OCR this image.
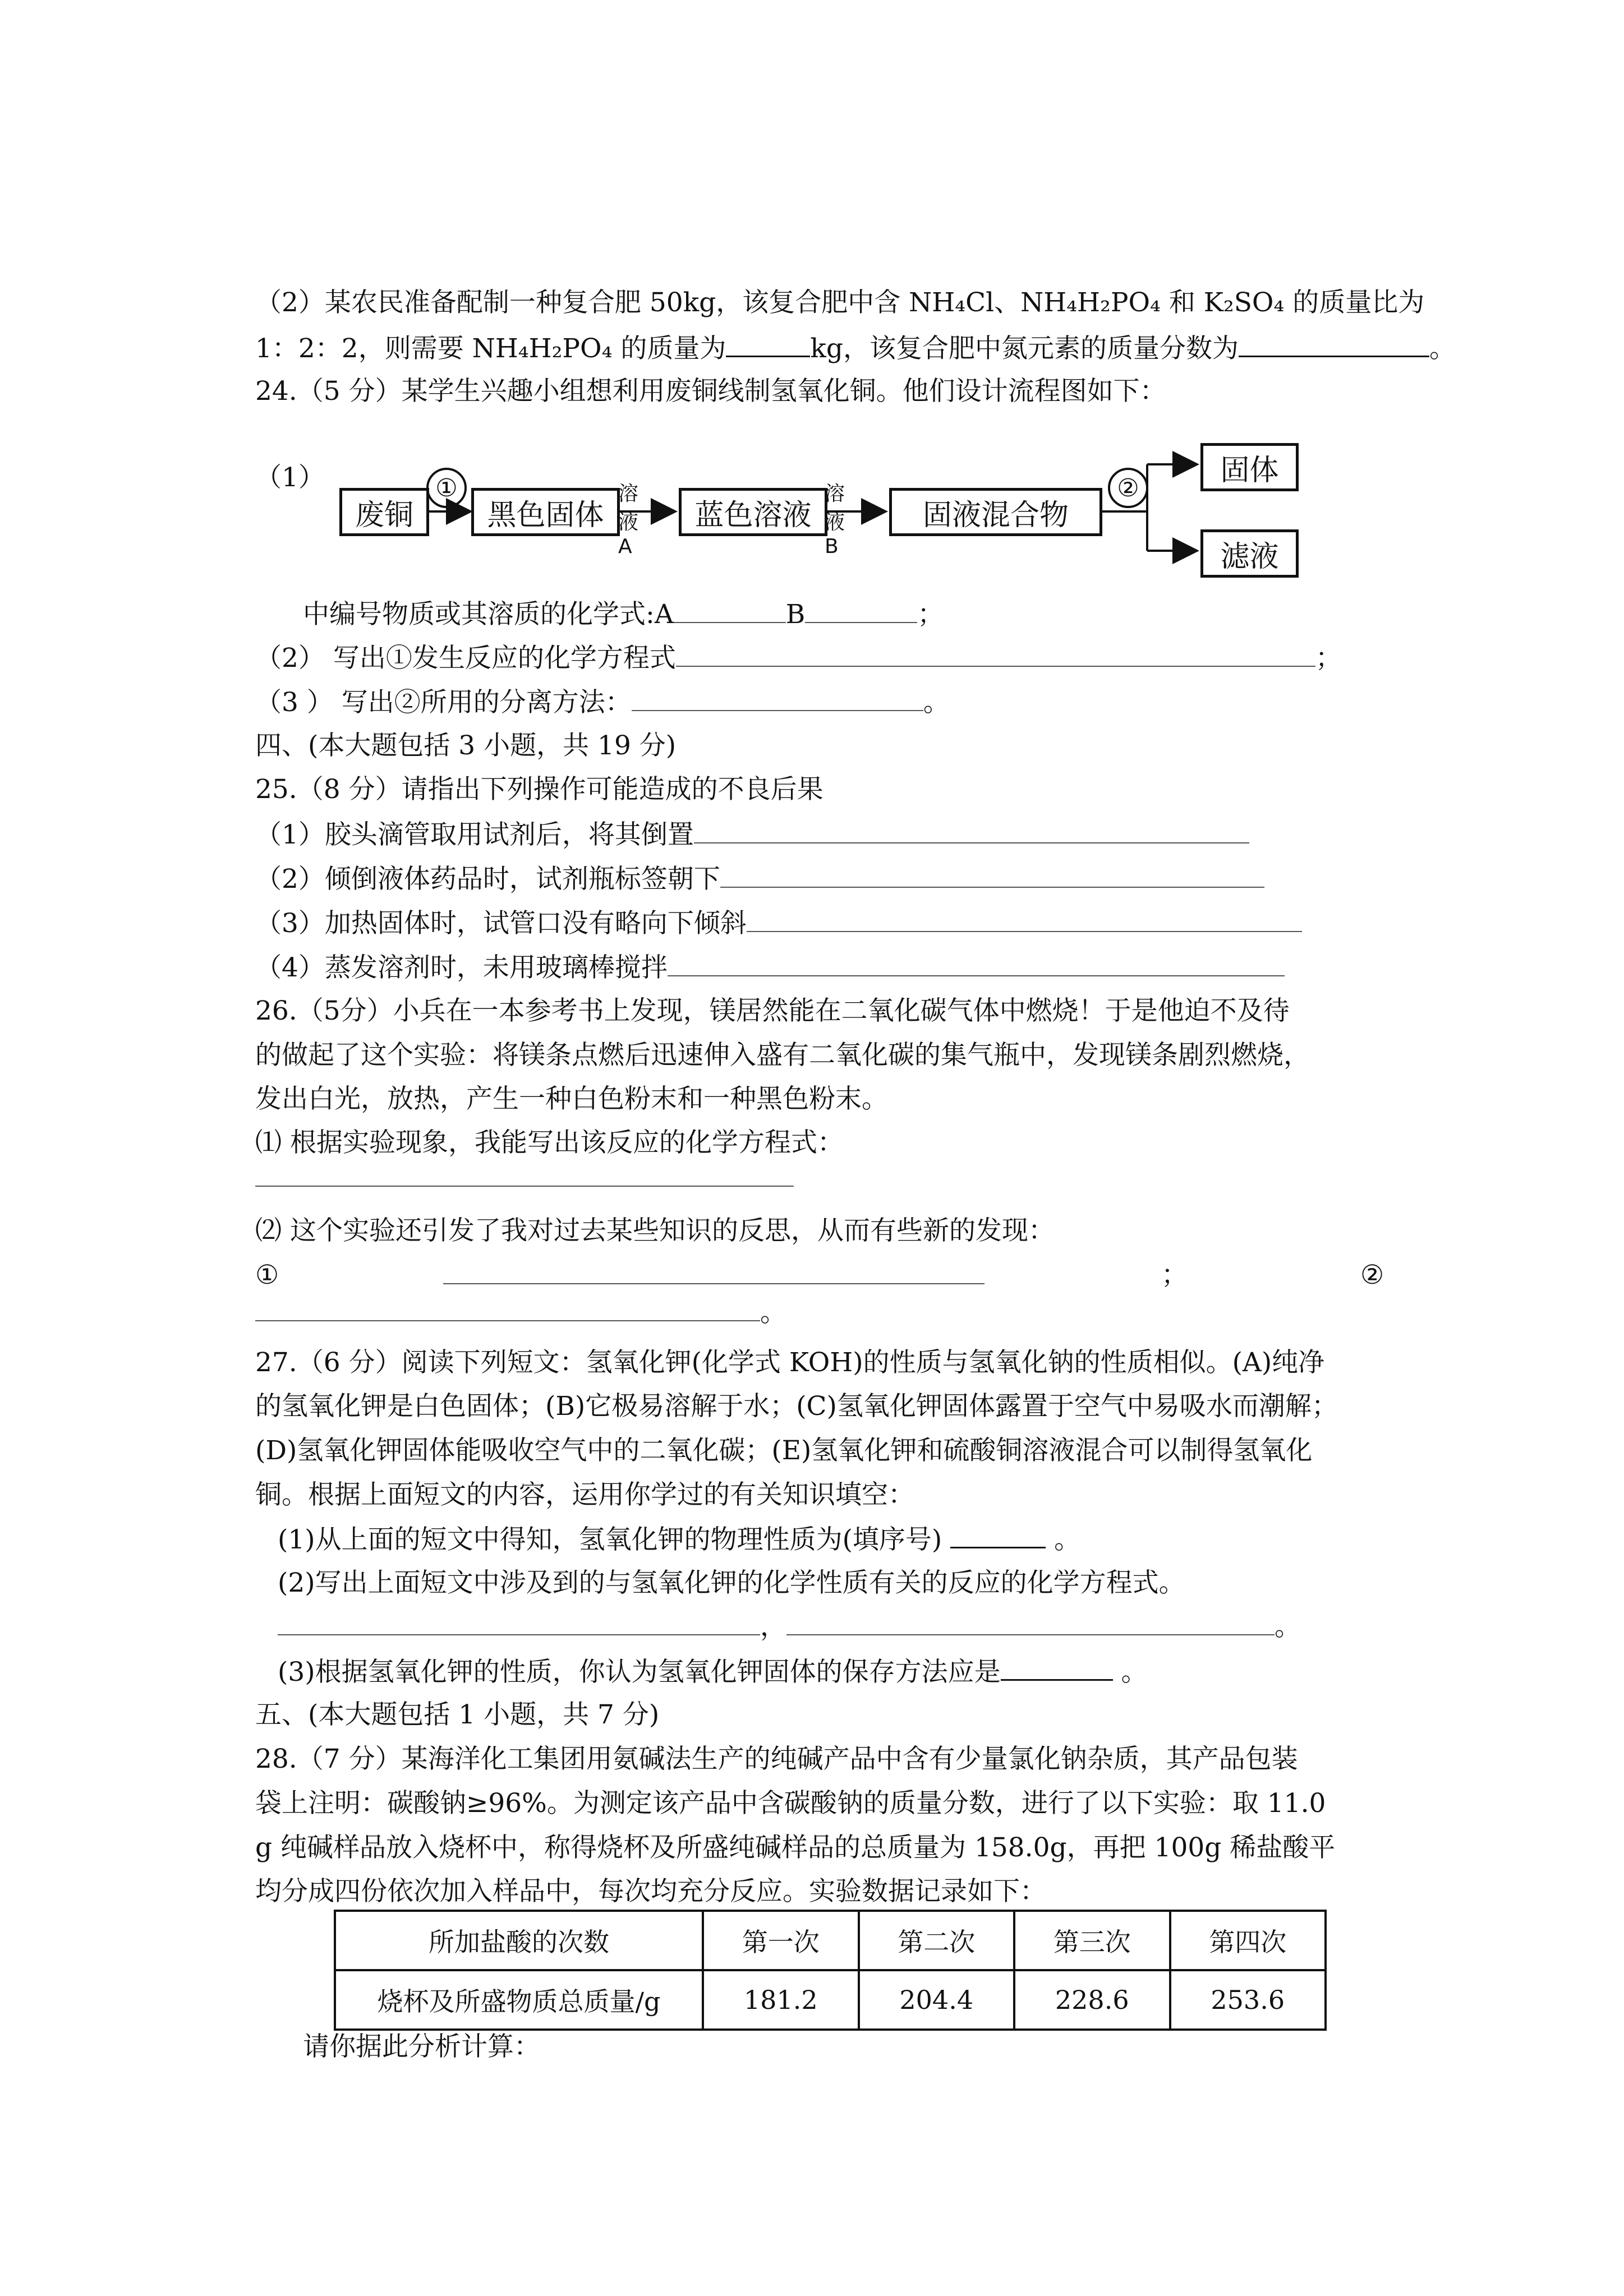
（2）某农民准备配制一种复合肥 50kg，该复合肥中含 NH₄Cl、NH₄H₂PO₄ 和 K₂SO₄ 的质量比为
1：2：2，则需要 NH₄H₂PO₄ 的质量为	kg，该复合肥中氮元素的质量分数为	。
24.（5 分）某学生兴趣小组想利用废铜线制氢氧化铜。他们设计流程图如下：
（1）
废铜	黑色固体	蓝色溶液	固液混合物
固体
滤液
①	②
溶液A
溶液B
中编号物质或其溶质的化学式:A	B	；
（2） 写出①发生反应的化学方程式	；
（3 ） 写出②所用的分离方法：	。
四、(本大题包括 3 小题，共 19 分)
25.（8 分）请指出下列操作可能造成的不良后果
（1）胶头滴管取用试剂后，将其倒置
（2）倾倒液体药品时，试剂瓶标签朝下
（3）加热固体时，试管口没有略向下倾斜
（4）蒸发溶剂时，未用玻璃棒搅拌
26.（5分）小兵在一本参考书上发现，镁居然能在二氧化碳气体中燃烧！于是他迫不及待
的做起了这个实验：将镁条点燃后迅速伸入盛有二氧化碳的集气瓶中，发现镁条剧烈燃烧，
发出白光，放热，产生一种白色粉末和一种黑色粉末。
⑴ 根据实验现象，我能写出该反应的化学方程式：
⑵ 这个实验还引发了我对过去某些知识的反思，从而有些新的发现：
①	；	②
。
27.（6 分）阅读下列短文：氢氧化钾(化学式 KOH)的性质与氢氧化钠的性质相似。(A)纯净
的氢氧化钾是白色固体；(B)它极易溶解于水；(C)氢氧化钾固体露置于空气中易吸水而潮解；
(D)氢氧化钾固体能吸收空气中的二氧化碳；(E)氢氧化钾和硫酸铜溶液混合可以制得氢氧化
铜。根据上面短文的内容，运用你学过的有关知识填空：
(1)从上面的短文中得知，氢氧化钾的物理性质为(填序号)	。
(2)写出上面短文中涉及到的与氢氧化钾的化学性质有关的反应的化学方程式。
，	。
(3)根据氢氧化钾的性质，你认为氢氧化钾固体的保存方法应是	。
五、(本大题包括 1 小题，共 7 分)
28.（7 分）某海洋化工集团用氨碱法生产的纯碱产品中含有少量氯化钠杂质，其产品包装
袋上注明：碳酸钠≥96%。为测定该产品中含碳酸钠的质量分数，进行了以下实验：取 11.0
g 纯碱样品放入烧杯中，称得烧杯及所盛纯碱样品的总质量为 158.0g，再把 100g 稀盐酸平
均分成四份依次加入样品中，每次均充分反应。实验数据记录如下：
所加盐酸的次数	第一次	第二次	第三次	第四次
烧杯及所盛物质总质量/g	181.2	204.4	228.6	253.6
请你据此分析计算：
